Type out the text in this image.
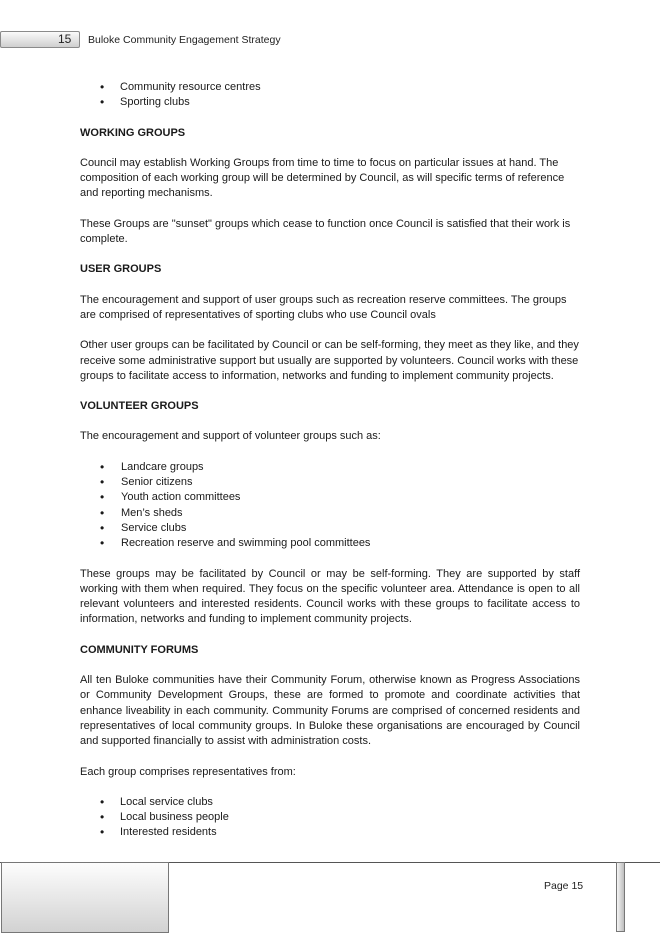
15 Buloke Community Engagement Strategy
• Community resource centres
• Sporting clubs
WORKING GROUPS

Council may establish Working Groups from time to time to focus on particular issues at hand. The composition of each working group will be determined by Council, as will specific terms of reference and reporting mechanisms.

These Groups are "sunset" groups which cease to function once Council is satisfied that their work is complete.

USER GROUPS

The encouragement and support of user groups such as recreation reserve committees. The groups are comprised of representatives of sporting clubs who use Council ovals

Other user groups can be facilitated by Council or can be self-forming, they meet as they like, and they receive some administrative support but usually are supported by volunteers. Council works with these groups to facilitate access to information, networks and funding to implement community projects.

VOLUNTEER GROUPS

The encouragement and support of volunteer groups such as:

• Landcare groups
• Senior citizens
• Youth action committees
• Men’s sheds
• Service clubs
• Recreation reserve and swimming pool committees

These groups may be facilitated by Council or may be self-forming. They are supported by staff working with them when required. They focus on the specific volunteer area. Attendance is open to all relevant volunteers and interested residents. Council works with these groups to facilitate access to information, networks and funding to implement community projects.

COMMUNITY FORUMS

All ten Buloke communities have their Community Forum, otherwise known as Progress Associations or Community Development Groups, these are formed to promote and coordinate activities that enhance liveability in each community. Community Forums are comprised of concerned residents and representatives of local community groups. In Buloke these organisations are encouraged by Council and supported financially to assist with administration costs.

Each group comprises representatives from:

• Local service clubs
• Local business people
• Interested residents
Page 15
